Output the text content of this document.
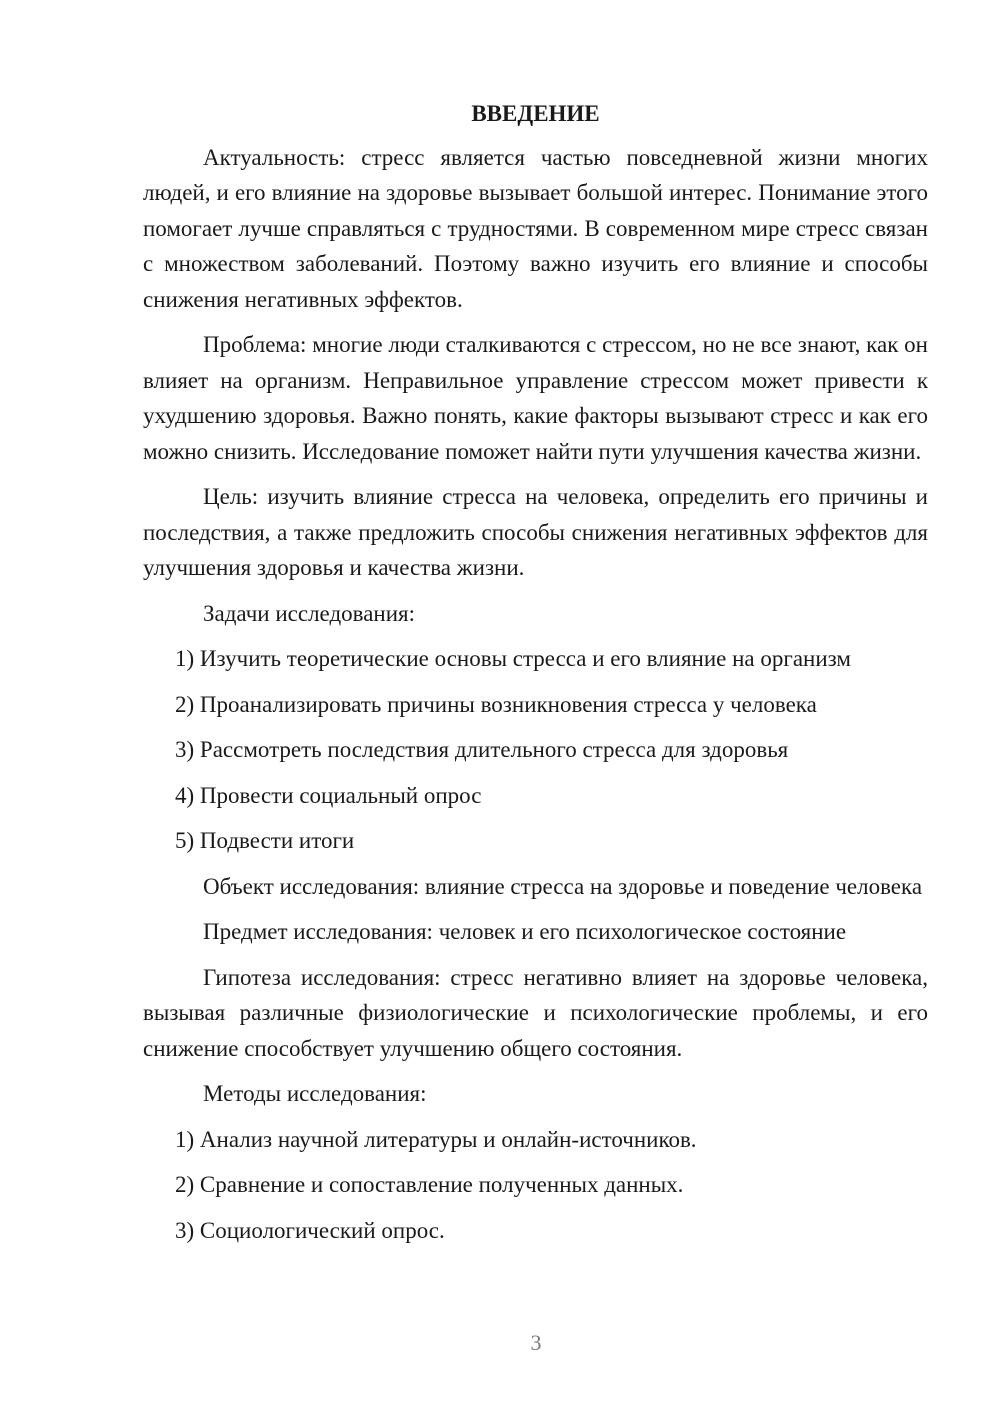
ВВЕДЕНИЕ

Актуальность: стресс является частью повседневной жизни многих людей, и его влияние на здоровье вызывает большой интерес. Понимание этого помогает лучше справляться с трудностями. В современном мире стресс связан с множеством заболеваний. Поэтому важно изучить его влияние и способы снижения негативных эффектов.

Проблема: многие люди сталкиваются с стрессом, но не все знают, как он влияет на организм. Неправильное управление стрессом может привести к ухудшению здоровья. Важно понять, какие факторы вызывают стресс и как его можно снизить. Исследование поможет найти пути улучшения качества жизни.

Цель: изучить влияние стресса на человека, определить его причины и последствия, а также предложить способы снижения негативных эффектов для улучшения здоровья и качества жизни.

Задачи исследования:

1) Изучить теоретические основы стресса и его влияние на организм
2) Проанализировать причины возникновения стресса у человека
3) Рассмотреть последствия длительного стресса для здоровья
4) Провести социальный опрос
5) Подвести итоги

Объект исследования: влияние стресса на здоровье и поведение человека

Предмет исследования: человек и его психологическое состояние

Гипотеза исследования: стресс негативно влияет на здоровье человека, вызывая различные физиологические и психологические проблемы, и его снижение способствует улучшению общего состояния.

Методы исследования:

1) Анализ научной литературы и онлайн-источников.
2) Сравнение и сопоставление полученных данных.
3) Социологический опрос.
3
